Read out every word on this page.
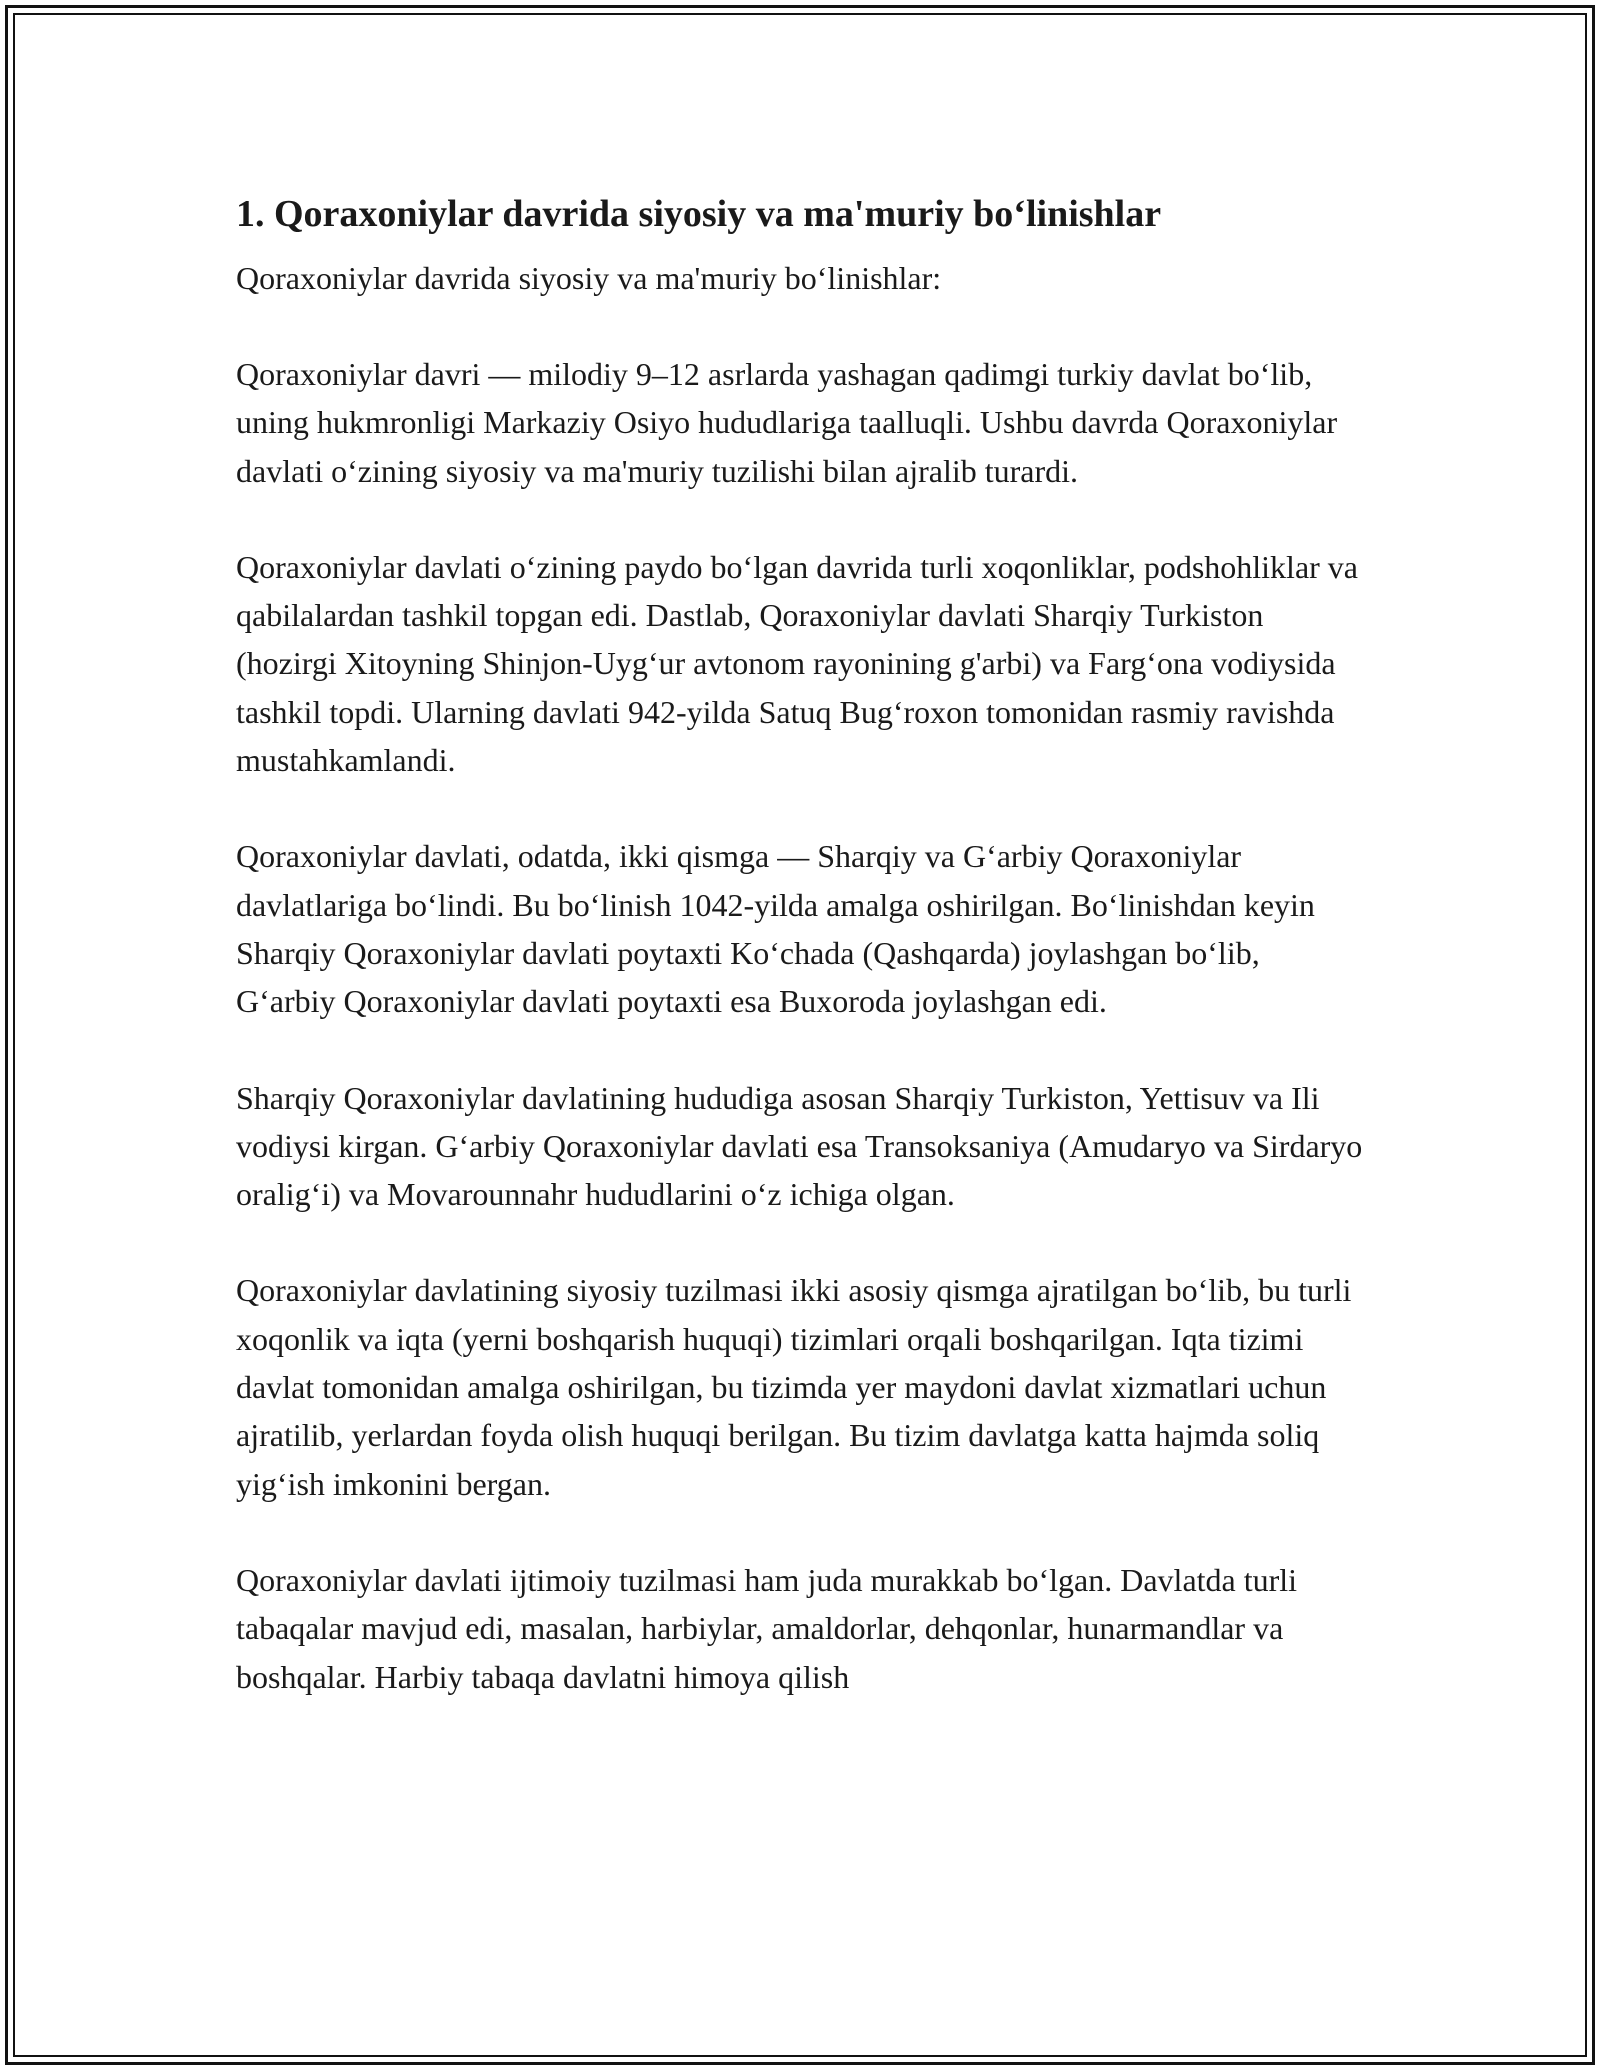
1. Qoraxoniylar davrida siyosiy va ma'muriy bo‘linishlar

Qoraxoniylar davrida siyosiy va ma'muriy bo‘linishlar:

Qoraxoniylar davri — milodiy 9–12 asrlarda yashagan qadimgi turkiy davlat bo‘lib, uning hukmronligi Markaziy Osiyo hududlariga taalluqli. Ushbu davrda Qoraxoniylar davlati o‘zining siyosiy va ma'muriy tuzilishi bilan ajralib turardi.

Qoraxoniylar davlati o‘zining paydo bo‘lgan davrida turli xoqonliklar, podshohliklar va qabilalardan tashkil topgan edi. Dastlab, Qoraxoniylar davlati Sharqiy Turkiston (hozirgi Xitoyning Shinjon-Uyg‘ur avtonom rayonining g'arbi) va Farg‘ona vodiysida tashkil topdi. Ularning davlati 942-yilda Satuq Bug‘roxon tomonidan rasmiy ravishda mustahkamlandi.

Qoraxoniylar davlati, odatda, ikki qismga — Sharqiy va G‘arbiy Qoraxoniylar davlatlariga bo‘lindi. Bu bo‘linish 1042-yilda amalga oshirilgan. Bo‘linishdan keyin Sharqiy Qoraxoniylar davlati poytaxti Ko‘chada (Qashqarda) joylashgan bo‘lib, G‘arbiy Qoraxoniylar davlati poytaxti esa Buxoroda joylashgan edi.

Sharqiy Qoraxoniylar davlatining hududiga asosan Sharqiy Turkiston, Yettisuv va Ili vodiysi kirgan. G‘arbiy Qoraxoniylar davlati esa Transoksaniya (Amudaryo va Sirdaryo oralig‘i) va Movarounnahr hududlarini o‘z ichiga olgan.

Qoraxoniylar davlatining siyosiy tuzilmasi ikki asosiy qismga ajratilgan bo‘lib, bu turli xoqonlik va iqta (yerni boshqarish huquqi) tizimlari orqali boshqarilgan. Iqta tizimi davlat tomonidan amalga oshirilgan, bu tizimda yer maydoni davlat xizmatlari uchun ajratilib, yerlardan foyda olish huquqi berilgan. Bu tizim davlatga katta hajmda soliq yig‘ish imkonini bergan.

Qoraxoniylar davlati ijtimoiy tuzilmasi ham juda murakkab bo‘lgan. Davlatda turli tabaqalar mavjud edi, masalan, harbiylar, amaldorlar, dehqonlar, hunarmandlar va boshqalar. Harbiy tabaqa davlatni himoya qilish
